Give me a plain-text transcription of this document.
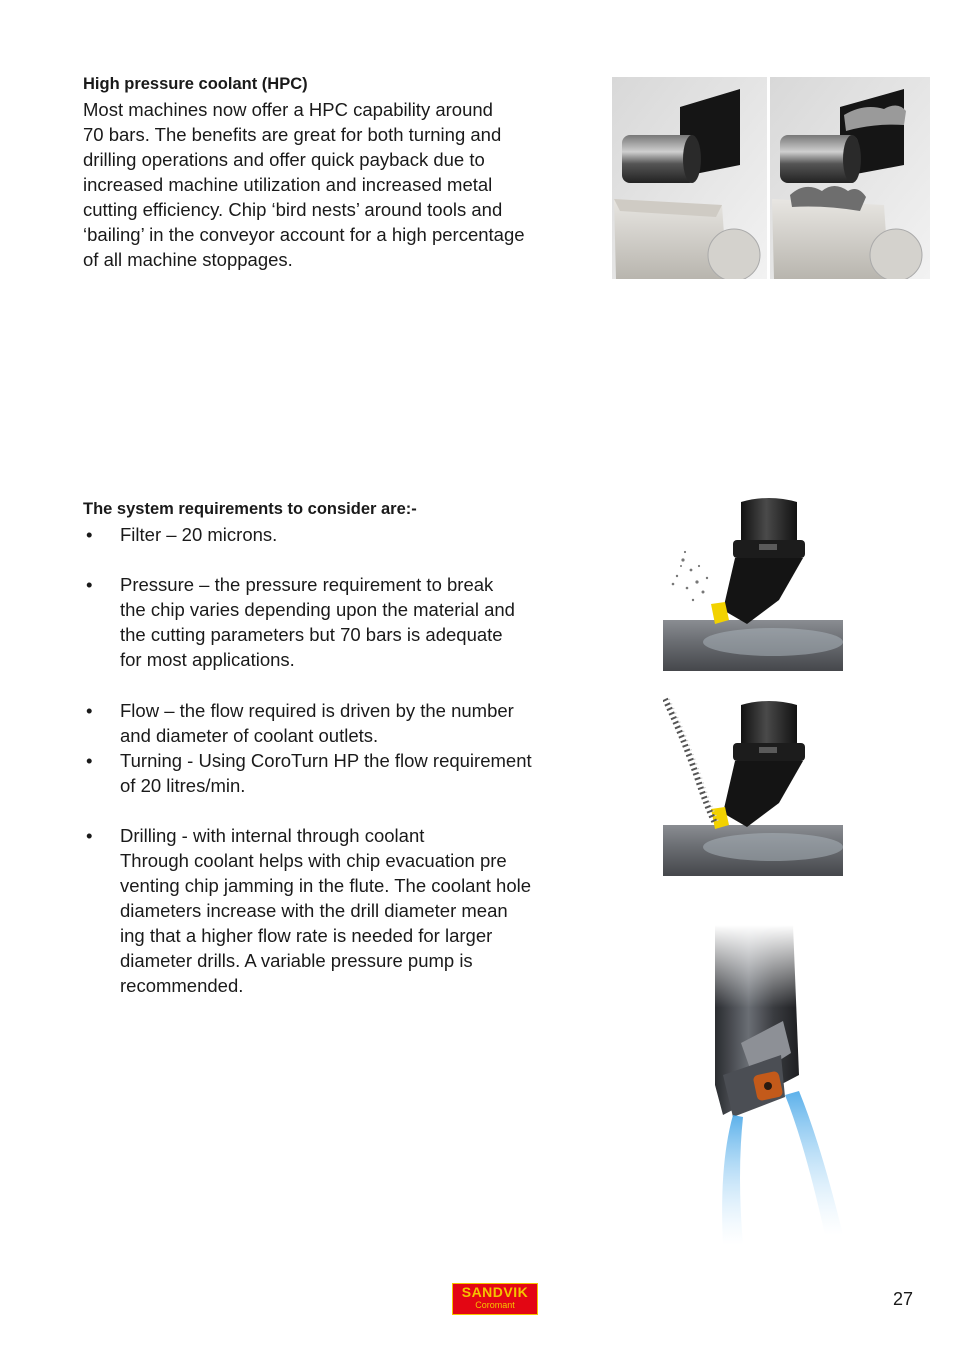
High pressure coolant (HPC)

Most machines now offer a HPC capability around
70 bars. The benefits are great for both turning and
drilling operations and offer quick payback due to
increased machine utilization and increased metal
cutting efficiency. Chip ‘bird nests’ around tools and
‘bailing’ in the conveyor account for a high percentage
of all machine stoppages.

The system requirements to consider are:-

• Filter – 20 microns.
• Pressure – the pressure requirement to break
the chip varies depending upon the material and
the cutting parameters but 70 bars is adequate
for most applications.
• Flow – the flow required is driven by the number
and diameter of coolant outlets.
• Turning - Using CoroTurn HP the flow requirement
of 20 litres/min.
• Drilling - with internal through coolant
Through coolant helps with chip evacuation pre
venting chip jamming in the flute. The coolant hole
diameters increase with the drill diameter mean
ing that a higher flow rate is needed for larger
diameter drills. A variable pressure pump is
recommended.
SANDVIK
Coromant	27
